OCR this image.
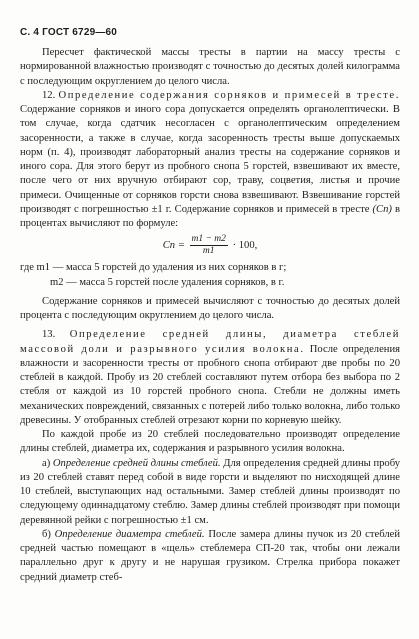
С. 4 ГОСТ 6729—60

Пересчет фактической массы тресты в партии на массу тресты с нормированной влажностью производят с точностью до десятых долей килограмма с последующим округлением до целого числа.

12. Определение содержания сорняков и примесей в тресте. Содержание сорняков и иного сора допускается определять органолептически. В том случае, когда сдатчик несогласен с органолептическим определением засоренности, а также в случае, когда засоренность тресты выше допускаемых норм (п. 4), производят лабораторный анализ тресты на содержание сорняков и иного сора. Для этого берут из пробного снопа 5 горстей, взвешивают их вместе, после чего от них вручную отбирают сор, траву, соцветия, листья и прочие примеси. Очищенные от сорняков горсти снова взвешивают. Взвешивание горстей производят с погрешностью ±1 г. Содержание сорняков и примесей в тресте (Cп) в процентах вычисляют по формуле:

Cп = $\frac{m1 - m2}{m1} \cdot 100$,
где m1 — масса 5 горстей до удаления из них сорняков в г;
m2 — масса 5 горстей после удаления сорняков, в г.

Содержание сорняков и примесей вычисляют с точностью до десятых долей процента с последующим округлением до целого числа.

13. Определение средней длины, диаметра стеблей массовой доли и разрывного усилия волокна. После определения влажности и засоренности тресты от пробного снопа отбирают две пробы по 20 стеблей в каждой. Пробу из 20 стеблей составляют путем отбора без выбора по 2 стебля от каждой из 10 горстей пробного снопа. Стебли не должны иметь механических повреждений, связанных с потерей либо только волокна, либо только древесины. У отобранных стеблей отрезают корни по корневую шейку.

По каждой пробе из 20 стеблей последовательно производят определение длины стеблей, диаметра их, содержания и разрывного усилия волокна.

а) Определение средней длины стеблей. Для определения средней длины пробу из 20 стеблей ставят перед собой в виде горсти и выделяют по нисходящей длине 10 стеблей, выступающих над остальными. Замер стеблей длины производят по следующему одиннадцатому стеблю. Замер длины стеблей производят при помощи деревянной рейки с погрешностью ±1 см.

б) Определение диаметра стеблей. После замера длины пучок из 20 стеблей средней частью помещают в «щель» стеблемера СП-20 так, чтобы они лежали параллельно друг к другу и не нарушая грузиком. Стрелка прибора покажет средний диаметр стеб-
